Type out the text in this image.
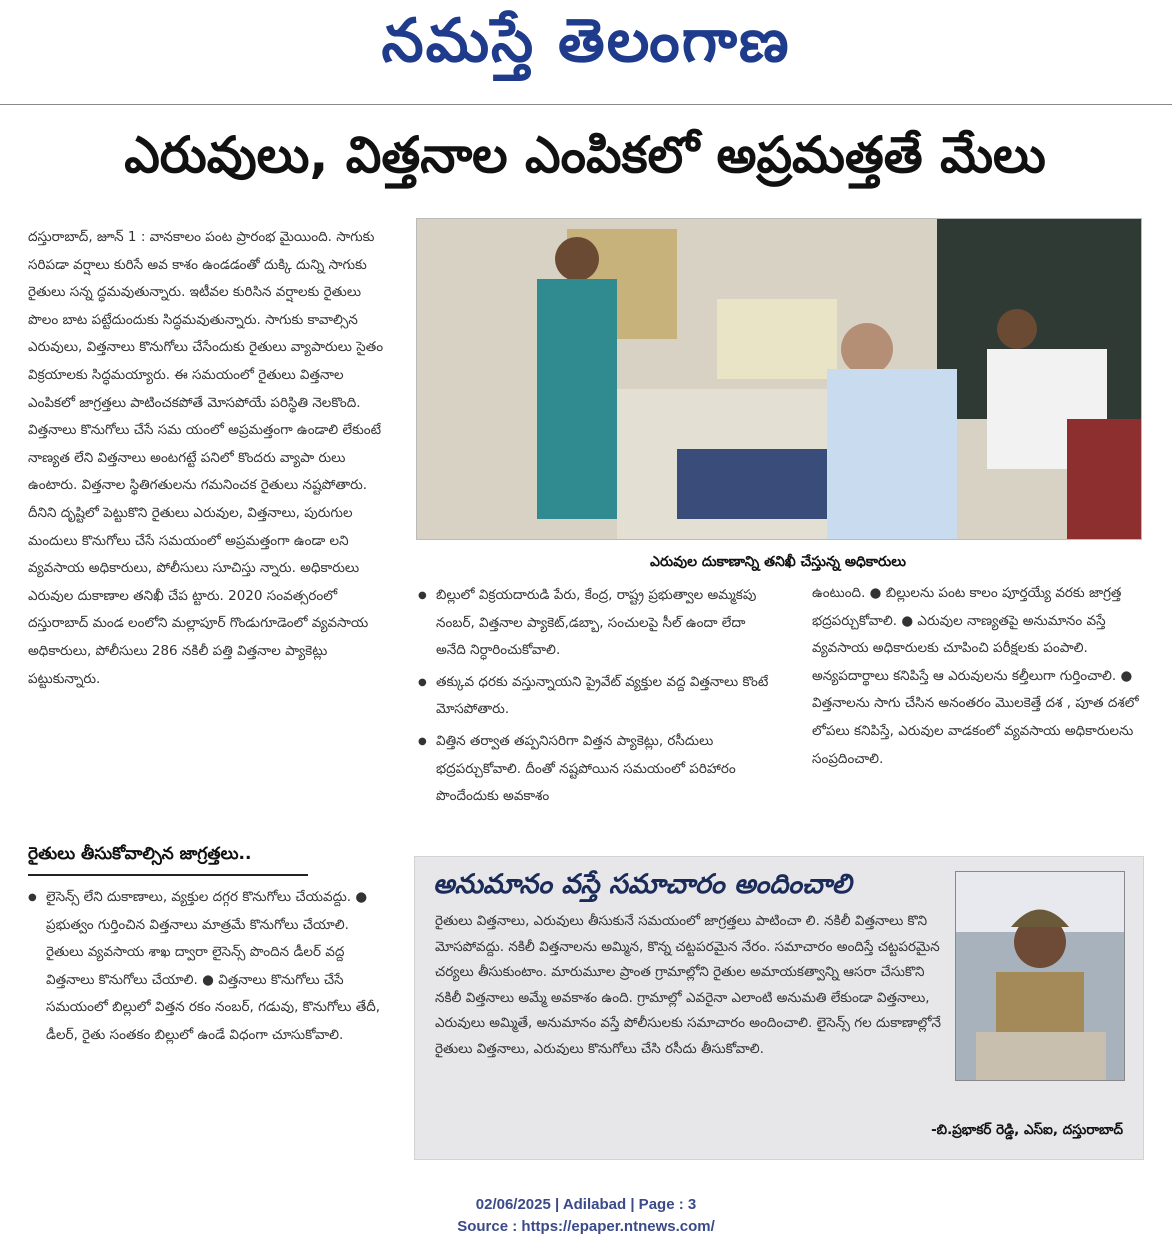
నమస్తే తెలంగాణ
ఎరువులు, విత్తనాల ఎంపికలో అప్రమత్తతే మేలు

దస్తురాబాద్, జూన్ 1 : వానకాలం పంట ప్రారంభ మైయింది. సాగుకు సరిపడా వర్షాలు కురిసే అవ కాశం ఉండడంతో దుక్కి దున్ని సాగుకు రైతులు సన్న ద్ధమవుతున్నారు. ఇటీవల కురిసిన వర్షాలకు రైతులు పొలం బాట పట్టేదుందుకు సిద్ధమవుతున్నారు. సాగుకు కావాల్సిన ఎరువులు, విత్తనాలు కొనుగోలు చేసేందుకు రైతులు వ్యాపారులు సైతం విక్రయాలకు సిద్ధమయ్యారు. ఈ సమయంలో రైతులు విత్తనాల ఎంపికలో జాగ్రత్తలు పాటించకపోతే మోసపోయే పరిస్థితి నెలకొంది. విత్తనాలు కొనుగోలు చేసే సమ యంలో అప్రమత్తంగా ఉండాలి లేకుంటే నాణ్యత లేని విత్తనాలు అంటగట్టే పనిలో కొందరు వ్యాపా రులు ఉంటారు. విత్తనాల స్థితిగతులను గమనించక రైతులు నష్టపోతారు. దీనిని దృష్టిలో పెట్టుకొని రైతులు ఎరువుల, విత్తనాలు, పురుగుల మందులు కొనుగోలు చేసే సమయంలో అప్రమత్తంగా ఉండా లని వ్యవసాయ అధికారులు, పోలీసులు సూచిస్తు న్నారు. అధికారులు ఎరువుల దుకాణాల తనిఖీ చేప ట్టారు. 2020 సంవత్సరంలో దస్తురాబాద్ మండ లంలోని మల్లాపూర్ గొండుగూడెంలో వ్యవసాయ అధికారులు, పోలీసులు 286 నకిలీ పత్తి విత్తనాల ప్యాకెట్లు పట్టుకున్నారు.

రైతులు తీసుకోవాల్సిన జాగ్రత్తలు..
● లైసెన్స్ లేని దుకాణాలు, వ్యక్తుల దగ్గర కొనుగోలు చేయవద్దు. ● ప్రభుత్వం గుర్తించిన విత్తనాలు మాత్రమే కొనుగోలు చేయాలి. రైతులు వ్యవసాయ శాఖ ద్వారా లైసెన్స్ పొందిన డీలర్ వద్ద విత్తనాలు కొనుగోలు చేయాలి. ● విత్తనాలు కొనుగోలు చేసే సమయంలో బిల్లులో విత్తన రకం నంబర్, గడువు, కొనుగోలు తేదీ, డీలర్, రైతు సంతకం బిల్లులో ఉండే విధంగా చూసుకోవాలి.
ఎరువుల దుకాణాన్ని తనిఖీ చేస్తున్న అధికారులు
● బిల్లులో విక్రయదారుడి పేరు, కేంద్ర, రాష్ట్ర ప్రభుత్వాల అమ్మకపు నంబర్, విత్తనాల ప్యాకెట్,డబ్బా, సంచులపై సీల్ ఉందా లేదా అనేది నిర్ధారించుకోవాలి.
● తక్కువ ధరకు వస్తున్నాయని ప్రైవేట్ వ్యక్తుల వద్ద విత్తనాలు కొంటే మోసపోతారు.
● విత్తిన తర్వాత తప్పనిసరిగా విత్తన ప్యాకెట్లు, రసీదులు భద్రపర్చుకోవాలి. దీంతో నష్టపోయిన సమయంలో పరిహారం పొందేందుకు అవకాశం

ఉంటుంది. ● బిల్లులను పంట కాలం పూర్తయ్యే వరకు జాగ్రత్త భద్రపర్చుకోవాలి. ● ఎరువుల నాణ్యతపై అనుమానం వస్తే వ్యవసాయ అధికారులకు చూపించి పరీక్షలకు పంపాలి. అన్యపదార్థాలు కనిపిస్తే ఆ ఎరువులను కల్తీలుగా గుర్తించాలి. ● విత్తనాలను సాగు చేసిన అనంతరం మొలకెత్తే దశ , పూత దశలో లోపలు కనిపిస్తే, ఎరువుల వాడకంలో వ్యవసాయ అధికారులను సంప్రదించాలి.

అనుమానం వస్తే సమాచారం అందించాలి
రైతులు విత్తనాలు, ఎరువులు తీసుకునే సమయంలో జాగ్రత్తలు పాటించా లి. నకిలీ విత్తనాలు కొని మోసపోవద్దు. నకిలీ విత్తనాలను అమ్మిన, కొన్న చట్టపరమైన నేరం. సమాచారం అందిస్తే చట్టపరమైన చర్యలు తీసుకుంటాం. మారుమూల ప్రాంత గ్రామాల్లోని రైతుల అమాయకత్వాన్ని ఆసరా చేసుకొని నకిలీ విత్తనాలు అమ్మే అవకాశం ఉంది. గ్రామాల్లో ఎవరైనా ఎలాంటి అనుమతి లేకుండా విత్తనాలు, ఎరువులు అమ్మితే, అనుమానం వస్తే పోలీసులకు సమాచారం అందించాలి. లైసెన్స్ గల దుకాణాల్లోనే రైతులు విత్తనాలు, ఎరువులు కొనుగోలు చేసి రసీదు తీసుకోవాలి.
-బి.ప్రభాకర్ రెడ్డి, ఎస్ఐ, దస్తురాబాద్
02/06/2025 | Adilabad | Page : 3
Source : https://epaper.ntnews.com/
